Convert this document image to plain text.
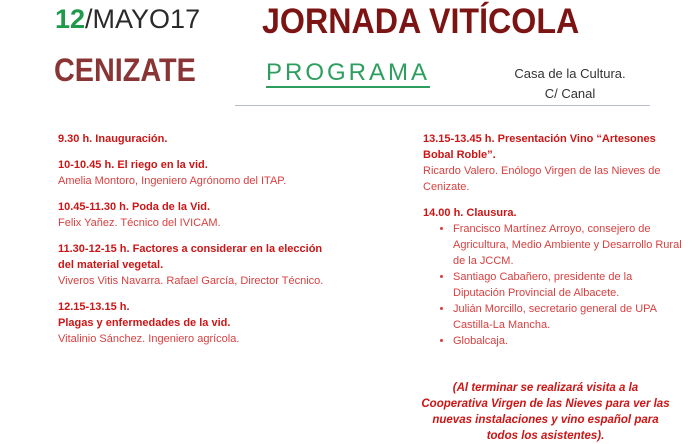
12/MAYO17 JORNADA VITÍCOLA
CENIZATE	PROGRAMA	Casa de la Cultura.
C/ Canal
9.30 h. Inauguración.
10-10.45 h. El riego en la vid.
Amelia Montoro, Ingeniero Agrónomo del ITAP.
10.45-11.30 h. Poda de la Vid.
Felix Yañez. Técnico del IVICAM.
11.30-12-15 h. Factores a considerar en la elección del material vegetal.
Viveros Vitis Navarra. Rafael García, Director Técnico.
12.15-13.15 h.
Plagas y enfermedades de la vid.
Vitalinio Sánchez. Ingeniero agrícola.
13.15-13.45 h. Presentación Vino “Artesones Bobal Roble”.
Ricardo Valero. Enólogo Virgen de las Nieves de Cenizate.
14.00 h. Clausura.
• Francisco Martínez Arroyo, consejero de Agricultura, Medio Ambiente y Desarrollo Rural de la JCCM.
• Santiago Cabañero, presidente de la Diputación Provincial de Albacete.
• Julián Morcillo, secretario general de UPA Castilla-La Mancha.
• Globalcaja.
(Al terminar se realizará visita a la Cooperativa Virgen de las Nieves para ver las nuevas instalaciones y vino español para todos los asistentes).
